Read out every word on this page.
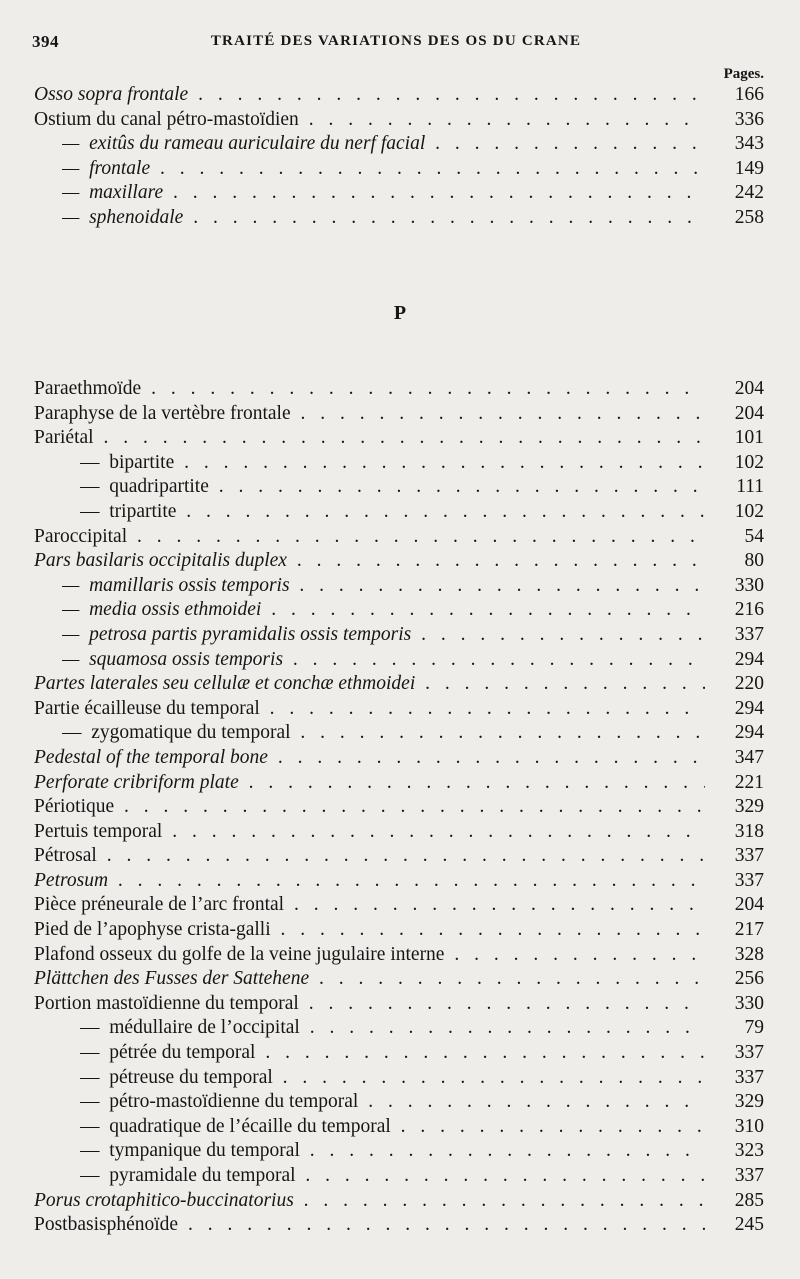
394	TRAITÉ DES VARIATIONS DES OS DU CRANE
Pages.
Osso sopra frontale . . .	166
Ostium du canal pétro-mastoïdien . . .	336
—  exitûs du rameau auriculaire du nerf facial . . .	343
—  frontale . . .	149
—  maxillare . . .	242
—  sphenoidale . . .	258
P
Paraethmoïde . . .	204
Paraphyse de la vertèbre frontale . . .	204
Pariétal . . .	101
—  bipartite . . .	102
—  quadripartite . . .	111
—  tripartite . . .	102
Paroccipital . . .	54
Pars basilaris occipitalis duplex . . .	80
—  mamillaris ossis temporis . . .	330
—  media ossis ethmoidei . . .	216
—  petrosa partis pyramidalis ossis temporis . . .	337
—  squamosa ossis temporis . . .	294
Partes laterales seu cellulæ et conchæ ethmoidei . . .	220
Partie écailleuse du temporal . . .	294
—  zygomatique du temporal . . .	294
Pedestal of the temporal bone . . .	347
Perforate cribriform plate . . .	221
Périotique . . .	329
Pertuis temporal . . .	318
Pétrosal . . .	337
Petrosum . . .	337
Pièce préneurale de l’arc frontal . . .	204
Pied de l’apophyse crista-galli . . .	217
Plafond osseux du golfe de la veine jugulaire interne . . .	328
Plättchen des Fusses der Sattehene . . .	256
Portion mastoïdienne du temporal . . .	330
—  médullaire de l’occipital . . .	79
—  pétrée du temporal . . .	337
—  pétreuse du temporal . . .	337
—  pétro-mastoïdienne du temporal . . .	329
—  quadratique de l’écaille du temporal . . .	310
—  tympanique du temporal . . .	323
—  pyramidale du temporal . . .	337
Porus crotaphitico-buccinatorius . . .	285
Postbasisphénoïde . . .	245
